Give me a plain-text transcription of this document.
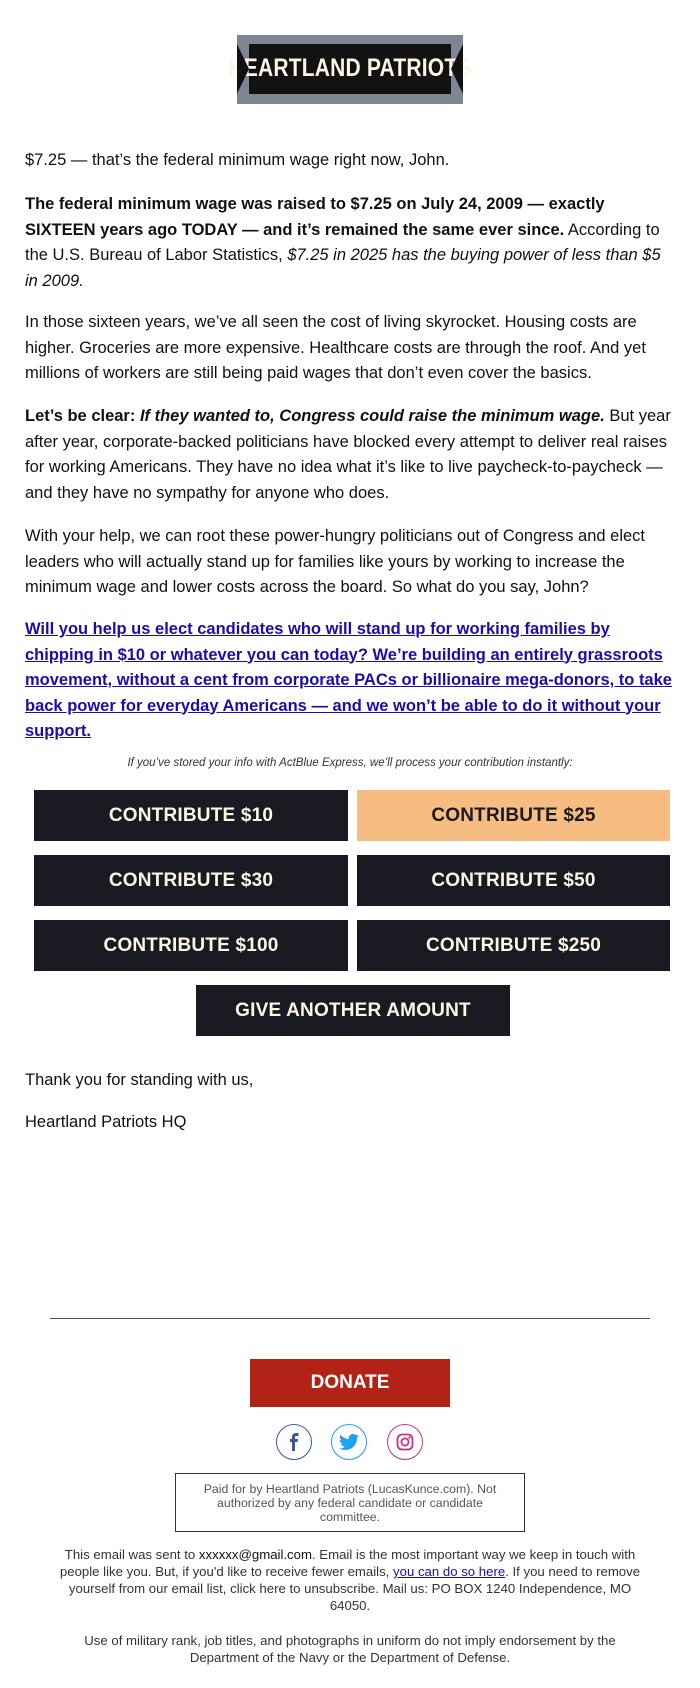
HEARTLAND PATRIOTS

$7.25 — that’s the federal minimum wage right now, John.

The federal minimum wage was raised to $7.25 on July 24, 2009 — exactly SIXTEEN years ago TODAY — and it’s remained the same ever since. According to the U.S. Bureau of Labor Statistics, $7.25 in 2025 has the buying power of less than $5 in 2009.

In those sixteen years, we’ve all seen the cost of living skyrocket. Housing costs are higher. Groceries are more expensive. Healthcare costs are through the roof. And yet millions of workers are still being paid wages that don’t even cover the basics.

Let’s be clear: If they wanted to, Congress could raise the minimum wage. But year after year, corporate-backed politicians have blocked every attempt to deliver real raises for working Americans. They have no idea what it’s like to live paycheck-to-paycheck — and they have no sympathy for anyone who does.

With your help, we can root these power-hungry politicians out of Congress and elect leaders who will actually stand up for families like yours by working to increase the minimum wage and lower costs across the board. So what do you say, John?

Will you help us elect candidates who will stand up for working families by chipping in $10 or whatever you can today? We’re building an entirely grassroots movement, without a cent from corporate PACs or billionaire mega-donors, to take back power for everyday Americans — and we won’t be able to do it without your support.

If you’ve stored your info with ActBlue Express, we’ll process your contribution instantly:
CONTRIBUTE $10	CONTRIBUTE $25
CONTRIBUTE $30	CONTRIBUTE $50
CONTRIBUTE $100	CONTRIBUTE $250
GIVE ANOTHER AMOUNT
Thank you for standing with us,
Heartland Patriots HQ
DONATE
Paid for by Heartland Patriots (LucasKunce.com). Not authorized by any federal candidate or candidate committee.
This email was sent to xxxxxx@gmail.com. Email is the most important way we keep in touch with people like you. But, if you'd like to receive fewer emails, you can do so here. If you need to remove yourself from our email list, click here to unsubscribe. Mail us: PO BOX 1240 Independence, MO 64050.
Use of military rank, job titles, and photographs in uniform do not imply endorsement by the Department of the Navy or the Department of Defense.
